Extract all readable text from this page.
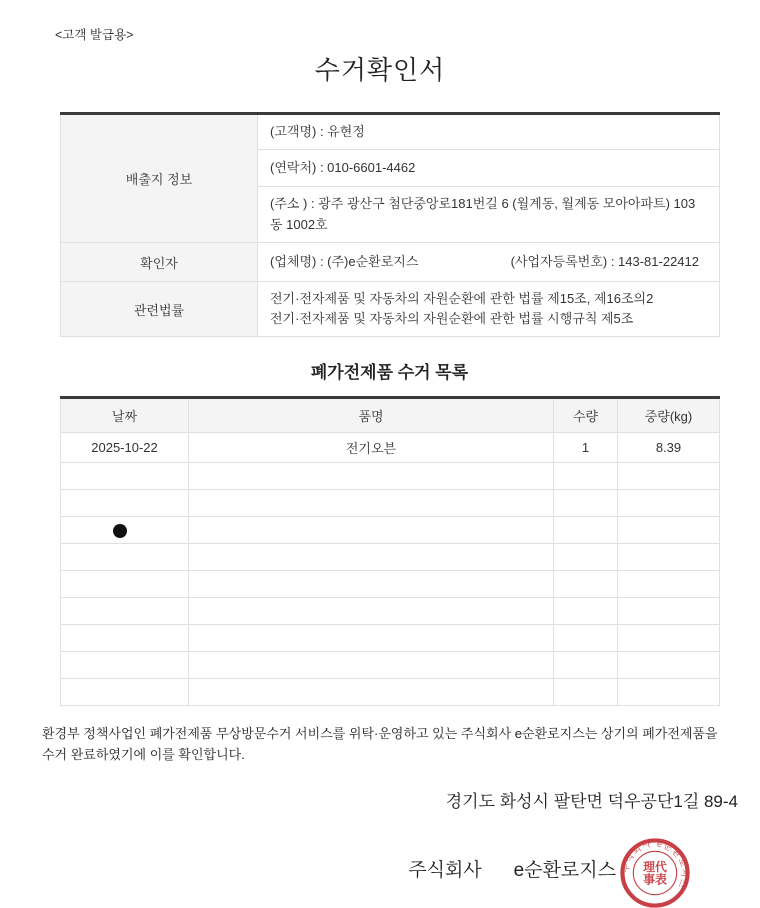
<고객 발급용>
수거확인서
배출지 정보	(고객명) : 유현정
	(연락처) : 010-6601-4462
	(주소 ) : 광주 광산구 첨단중앙로181번길 6 (월계동, 월계동 모아아파트) 103동 1002호
확인자	(업체명) : (주)e순환로지스 (사업자등록번호) : 143-81-22412

관련법률	전기·전자제품 및 자동차의 자원순환에 관한 법률 제15조, 제16조의2
전기·전자제품 및 자동차의 자원순환에 관한 법률 시행규칙 제5조
폐가전제품 수거 목록
날짜	품명	수량	중량(kg)
2025-10-22	전기오븐	1	8.39

환경부 정책사업인 폐가전제품 무상방문수거 서비스를 위탁·운영하고 있는 주식회사 e순환로지스는 상기의 폐가전제품을 수거 완료하였기에 이를 확인합니다.

경기도 화성시 팔탄면 덕우공단1길 89-4
주식회사 e순환로지스 주식회사 e순환로지스
理代
事表
